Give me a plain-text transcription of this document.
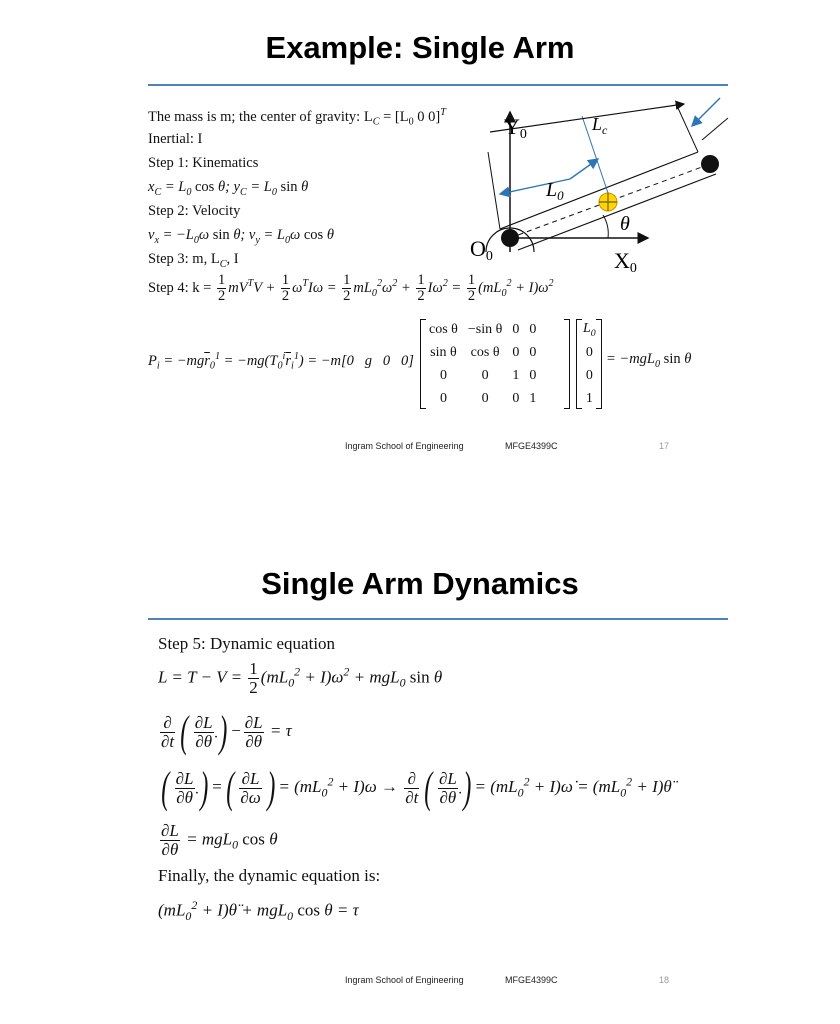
Example: Single Arm
The mass is m; the center of gravity: $L_C = [L_0$ 0 0]$^T$
Inertial: I
Step 1: Kinematics
$x_C = L_0$ cos θ; $y_C = L_0$ sin θ
Step 2: Velocity
$v_x = -L_0\omega$ sin θ; $v_y = L_0\omega$ cos θ
Step 3: m, $L_C$, I
Step 4: $k = \frac{1}{2} mV^TV + \frac{1}{2} \omega^TI\omega = \frac{1}{2} mL_0^2\omega^2 + \frac{1}{2} I\omega^2 = \frac{1}{2} (mL_0^2 + I)\omega^2$
$P_i = -mg\overline{r}_0^1 = -mg(T_0^i\overline{r}_i^1) = -m[0$   g   0   0]
cos θ	−sin θ	0	0
sin θ	cos θ	0	0
0	0	1	0
0	0	0	1
$L_0$
0
0
1
= −mgL$_0$ sin θ
Y0
O0	X0
$L_c$
$L_0$
θ
Ingram School of Engineering	MFGE4399C	17
Single Arm Dynamics
Step 5: Dynamic equation
$L = T - V = \frac{1}{2} (mL_0^2 + I)\omega^2 + mgL_0$ sin θ
$\frac{\partial}{\partial t}$ ( $\frac{\partial L}{\partial\thetȧ}$ ) − $\frac{\partial L}{\partial\theta} = \tau$
( $\frac{\partial L}{\partial\thetȧ}$ ) =( $\frac{\partial L}{\partial\omega}$ ) = $(mL_0^2 + I)\omega \to \frac{\partial}{\partial t}$ ( $\frac{\partial L}{\partial\thetȧ}$ ) = ($mL_0^2$ + I)ω̇ = ($mL_0^2$ + I)θ̈
$\frac{\partial L}{\partial\theta} = mgL_0$ cos θ
Finally, the dynamic equation is:
($mL_0^2$ + I)θ̈ + mgL$_0$ cos θ = τ
Ingram School of Engineering	MFGE4399C	18
